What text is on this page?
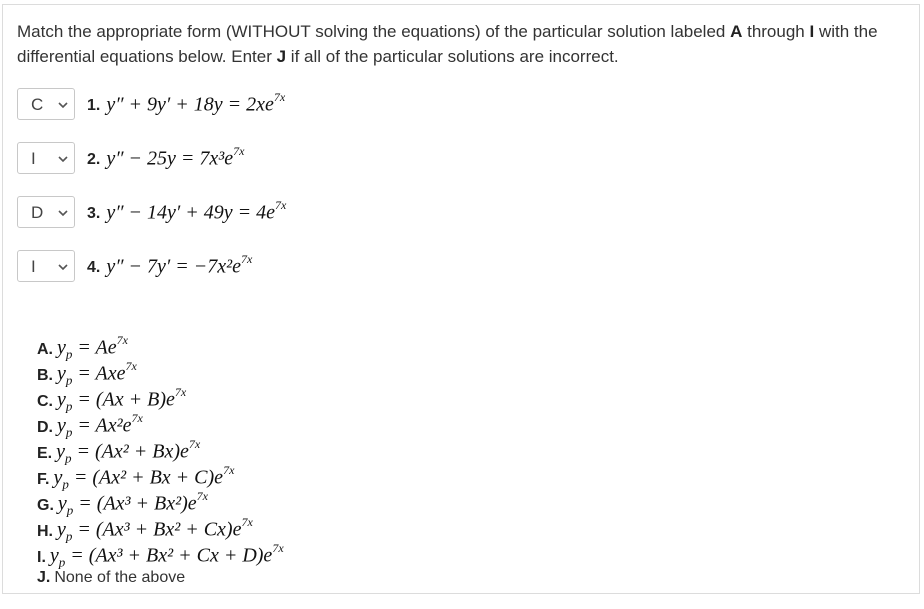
Match the appropriate form (WITHOUT solving the equations) of the particular solution labeled A through I with the differential equations below. Enter J if all of the particular solutions are incorrect.
C	1. $y'' + 9y' + 18y = 2xe^{7x}$
I	2. $y'' - 25y = 7x^3e^{7x}$
D	3. $y'' - 14y' + 49y = 4e^{7x}$
I	4. $y'' - 7y' = -7x^2e^{7x}$
A. $y_p = Ae^{7x}$
B. $y_p = Axe^{7x}$
C. $y_p = (Ax + B)e^{7x}$
D. $y_p = Ax^2e^{7x}$
E. $y_p = (Ax^2 + Bx)e^{7x}$
F. $y_p = (Ax^2 + Bx + C)e^{7x}$
G. $y_p = (Ax^3 + Bx^2)e^{7x}$
H. $y_p = (Ax^3 + Bx^2 + Cx)e^{7x}$
I. $y_p = (Ax^3 + Bx^2 + Cx + D)e^{7x}$
J. None of the above
